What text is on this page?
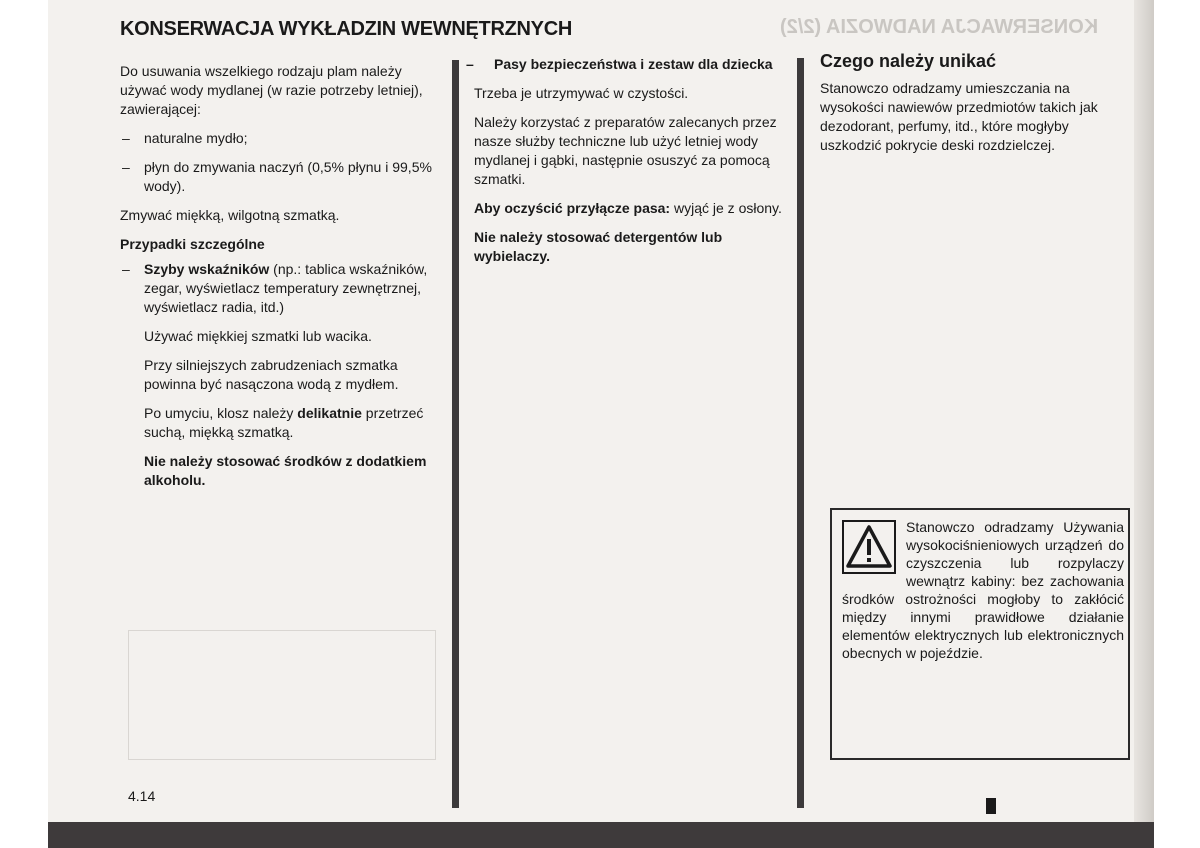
KONSERWACJA NADWOZIA (2/2)
KONSERWACJA WYKŁADZIN WEWNĘTRZNYCH

Do usuwania wszelkiego rodzaju plam należy używać wody mydlanej (w razie potrzeby letniej), zawierającej:

– naturalne mydło;
– płyn do zmywania naczyń (0,5% płynu i 99,5% wody).

Zmywać miękką, wilgotną szmatką.

Przypadki szczególne
– Szyby wskaźników (np.: tablica wskaźników, zegar, wyświetlacz temperatury zewnętrznej, wyświetlacz radia, itd.)

Używać miękkiej szmatki lub wacika.

Przy silniejszych zabrudzeniach szmatka powinna być nasączona wodą z mydłem.

Po umyciu, klosz należy delikatnie przetrzeć suchą, miękką szmatką.

Nie należy stosować środków z dodatkiem alkoholu.

– Pasy bezpieczeństwa i zestaw dla dziecka

Trzeba je utrzymywać w czystości.

Należy korzystać z preparatów zalecanych przez nasze służby techniczne lub użyć letniej wody mydlanej i gąbki, następnie osuszyć za pomocą szmatki.

Aby oczyścić przyłącze pasa: wyjąć je z osłony.

Nie należy stosować detergentów lub wybielaczy.

Czego należy unikać

Stanowczo odradzamy umieszczania na wysokości nawiewów przedmiotów takich jak dezodorant, perfumy, itd., które mogłyby uszkodzić pokrycie deski rozdzielczej.

Stanowczo odradzamy Używania wysokociśnieniowych urządzeń do czyszczenia lub rozpylaczy wewnątrz kabiny: bez zachowania środków ostrożności mogłoby to zakłócić między innymi prawidłowe działanie elementów elektrycznych lub elektronicznych obecnych w pojeździe.
4.14
